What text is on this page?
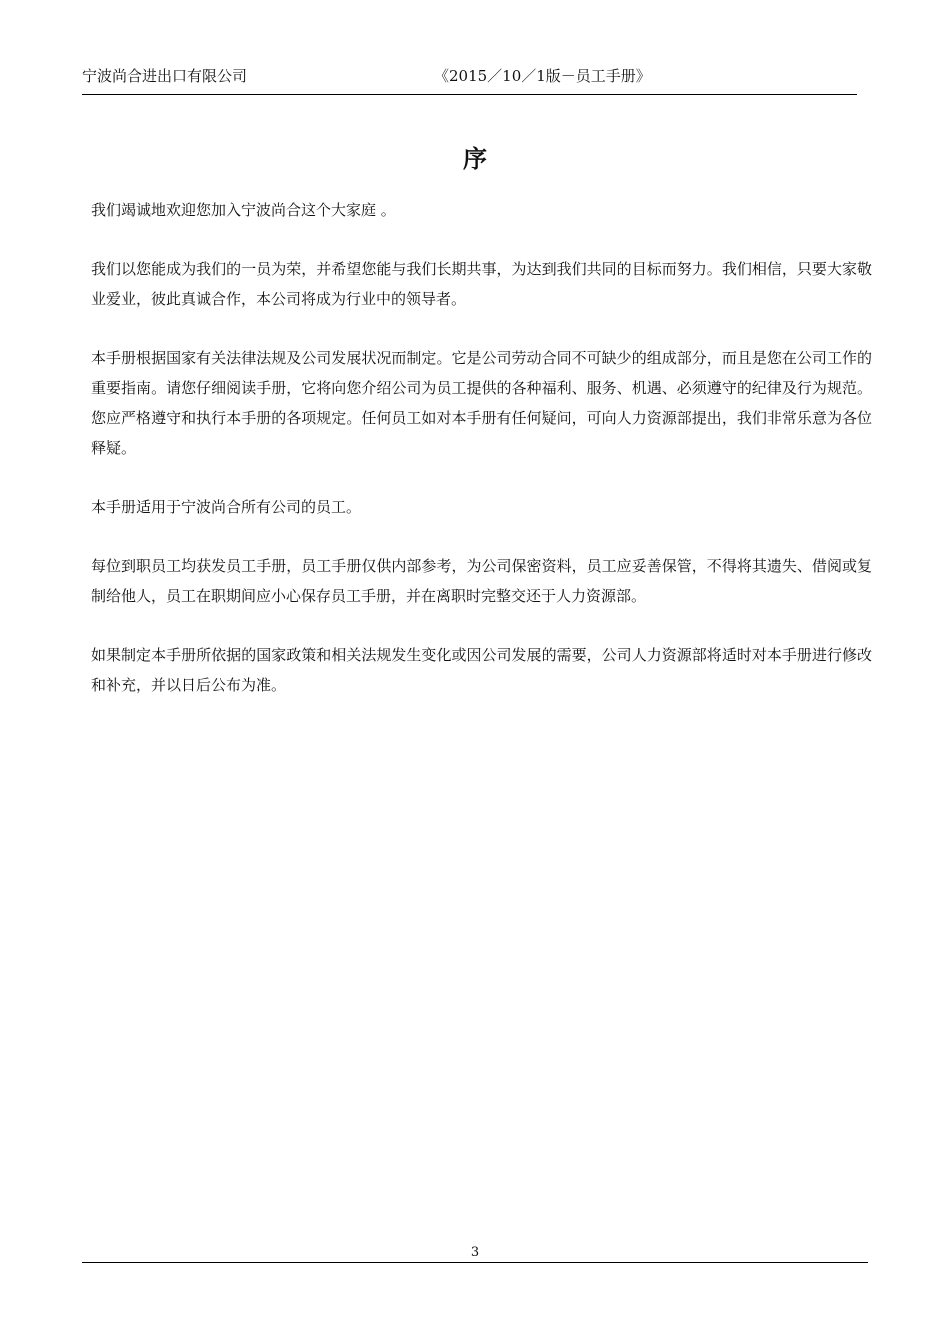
宁波尚合进出口有限公司	《2015／10／1版－员工手册》
序

我们竭诚地欢迎您加入宁波尚合这个大家庭 。

我们以您能成为我们的一员为荣，并希望您能与我们长期共事，为达到我们共同的目标而努力。我们相信，只要大家敬业爱业，彼此真诚合作，本公司将成为行业中的领导者。

本手册根据国家有关法律法规及公司发展状况而制定。它是公司劳动合同不可缺少的组成部分，而且是您在公司工作的重要指南。请您仔细阅读手册，它将向您介绍公司为员工提供的各种福利、服务、机遇、必须遵守的纪律及行为规范。您应严格遵守和执行本手册的各项规定。任何员工如对本手册有任何疑问，可向人力资源部提出，我们非常乐意为各位释疑。

本手册适用于宁波尚合所有公司的员工。

每位到职员工均获发员工手册，员工手册仅供内部参考，为公司保密资料，员工应妥善保管，不得将其遗失、借阅或复制给他人，员工在职期间应小心保存员工手册，并在离职时完整交还于人力资源部。

如果制定本手册所依据的国家政策和相关法规发生变化或因公司发展的需要，公司人力资源部将适时对本手册进行修改和补充，并以日后公布为准。

3
